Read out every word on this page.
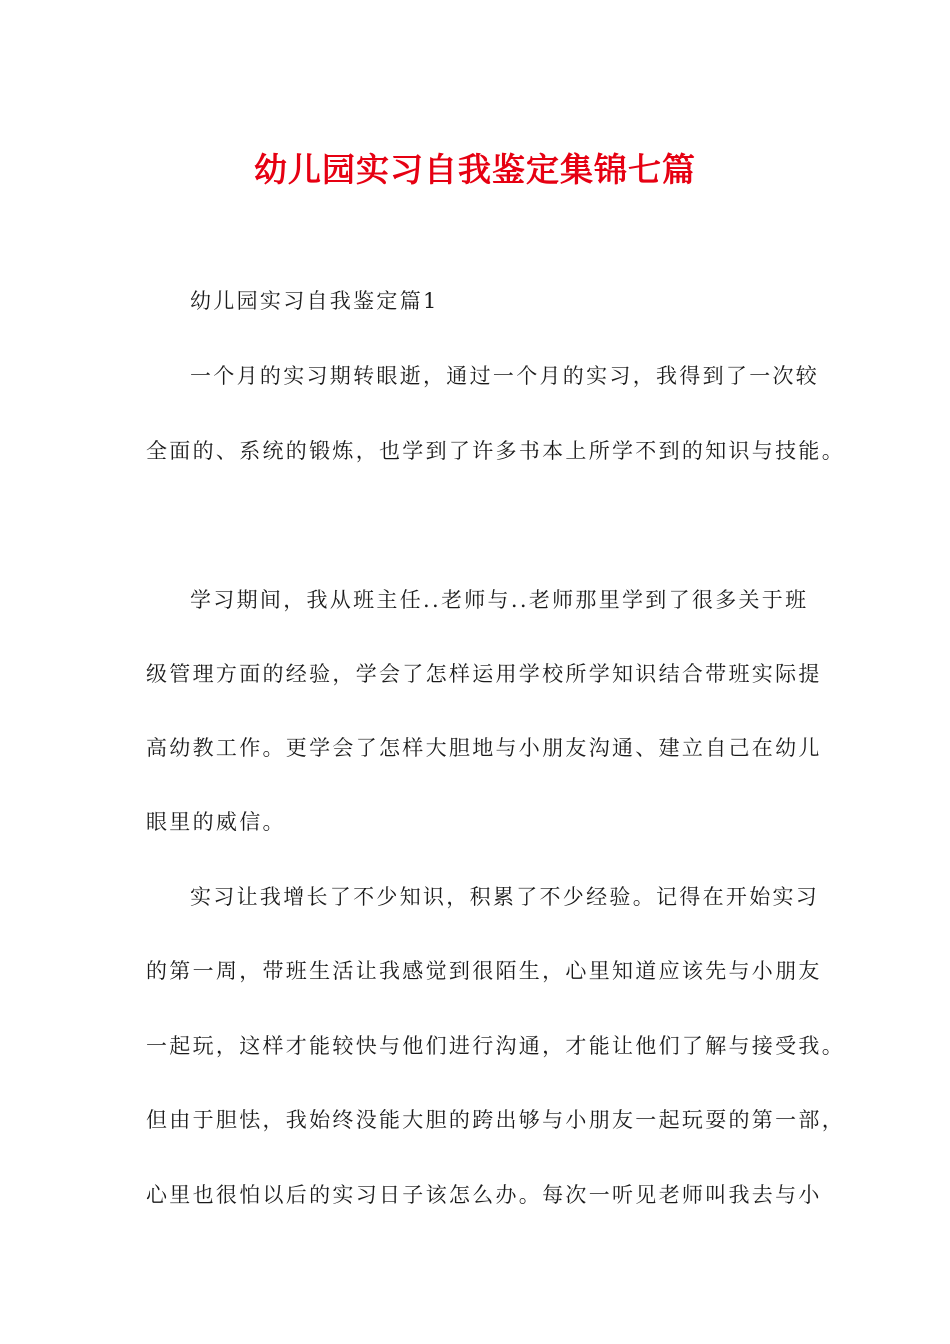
幼儿园实习自我鉴定集锦七篇
幼儿园实习自我鉴定篇1
一个月的实习期转眼逝，通过一个月的实习，我得到了一次较
全面的、系统的锻炼，也学到了许多书本上所学不到的知识与技能。
学习期间，我从班主任..老师与..老师那里学到了很多关于班
级管理方面的经验，学会了怎样运用学校所学知识结合带班实际提
高幼教工作。更学会了怎样大胆地与小朋友沟通、建立自己在幼儿
眼里的威信。
实习让我增长了不少知识，积累了不少经验。记得在开始实习
的第一周，带班生活让我感觉到很陌生，心里知道应该先与小朋友
一起玩，这样才能较快与他们进行沟通，才能让他们了解与接受我。
但由于胆怯，我始终没能大胆的跨出够与小朋友一起玩耍的第一部，
心里也很怕以后的实习日子该怎么办。每次一听见老师叫我去与小
